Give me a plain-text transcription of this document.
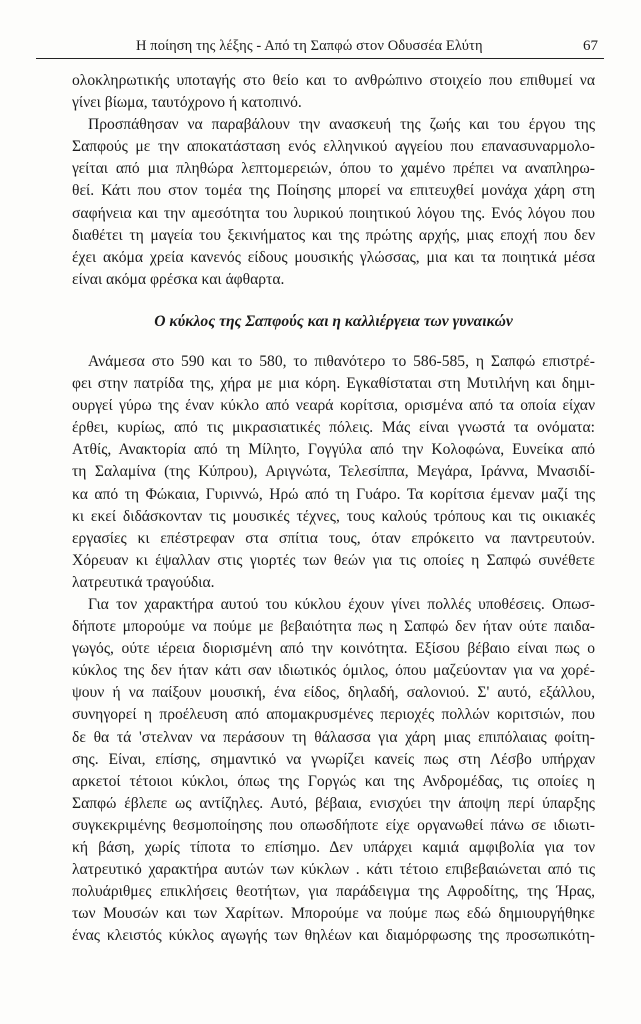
Η ποίηση της λέξης - Από τη Σαπφώ στον Οδυσσέα Ελύτη	67

ολοκληρωτικής υποταγής στο θείο και το ανθρώπινο στοιχείο που επιθυμεί να
γίνει βίωμα, ταυτόχρονο ή κατοπινό.

Προσπάθησαν να παραβάλουν την ανασκευή της ζωής και του έργου της
Σαπφούς με την αποκατάσταση ενός ελληνικού αγγείου που επανασυναρμολο-
γείται από μια πληθώρα λεπτομερειών, όπου το χαμένο πρέπει να αναπληρω-
θεί. Κάτι που στον τομέα της Ποίησης μπορεί να επιτευχθεί μονάχα χάρη στη
σαφήνεια και την αμεσότητα του λυρικού ποιητικού λόγου της. Ενός λόγου που
διαθέτει τη μαγεία του ξεκινήματος και της πρώτης αρχής, μιας εποχή που δεν
έχει ακόμα χρεία κανενός είδους μουσικής γλώσσας, μια και τα ποιητικά μέσα
είναι ακόμα φρέσκα και άφθαρτα.

Ο κύκλος της Σαπφούς και η καλλιέργεια των γυναικών

Ανάμεσα στο 590 και το 580, το πιθανότερο το 586-585, η Σαπφώ επιστρέ-
φει στην πατρίδα της, χήρα με μια κόρη. Εγκαθίσταται στη Μυτιλήνη και δημι-
ουργεί γύρω της έναν κύκλο από νεαρά κορίτσια, ορισμένα από τα οποία είχαν
έρθει, κυρίως, από τις μικρασιατικές πόλεις. Μάς είναι γνωστά τα ονόματα:
Ατθίς, Ανακτορία από τη Μίλητο, Γογγύλα από την Κολοφώνα, Ευνείκα από
τη Σαλαμίνα (της Κύπρου), Αριγνώτα, Τελεσίππα, Μεγάρα, Ιράννα, Μνασιδί-
κα από τη Φώκαια, Γυριννώ, Ηρώ από τη Γυάρο. Τα κορίτσια έμεναν μαζί της
κι εκεί διδάσκονταν τις μουσικές τέχνες, τους καλούς τρόπους και τις οικιακές
εργασίες κι επέστρεφαν στα σπίτια τους, όταν επρόκειτο να παντρευτούν.
Χόρευαν κι έψαλλαν στις γιορτές των θεών για τις οποίες η Σαπφώ συνέθετε
λατρευτικά τραγούδια.

Για τον χαρακτήρα αυτού του κύκλου έχουν γίνει πολλές υποθέσεις. Οπωσ-
δήποτε μπορούμε να πούμε με βεβαιότητα πως η Σαπφώ δεν ήταν ούτε παιδα-
γωγός, ούτε ιέρεια διορισμένη από την κοινότητα. Εξίσου βέβαιο είναι πως ο
κύκλος της δεν ήταν κάτι σαν ιδιωτικός όμιλος, όπου μαζεύονταν για να χορέ-
ψουν ή να παίξουν μουσική, ένα είδος, δηλαδή, σαλονιού. Σ' αυτό, εξάλλου,
συνηγορεί η προέλευση από απομακρυσμένες περιοχές πολλών κοριτσιών, που
δε θα τά 'στελναν να περάσουν τη θάλασσα για χάρη μιας επιπόλαιας φοίτη-
σης. Είναι, επίσης, σημαντικό να γνωρίζει κανείς πως στη Λέσβο υπήρχαν
αρκετοί τέτοιοι κύκλοι, όπως της Γοργώς και της Ανδρομέδας, τις οποίες η
Σαπφώ έβλεπε ως αντίζηλες. Αυτό, βέβαια, ενισχύει την άποψη περί ύπαρξης
συγκεκριμένης θεσμοποίησης που οπωσδήποτε είχε οργανωθεί πάνω σε ιδιωτι-
κή βάση, χωρίς τίποτα το επίσημο. Δεν υπάρχει καμιά αμφιβολία για τον
λατρευτικό χαρακτήρα αυτών των κύκλων . κάτι τέτοιο επιβεβαιώνεται από τις
πολυάριθμες επικλήσεις θεοτήτων, για παράδειγμα της Αφροδίτης, της Ήρας,
των Μουσών και των Χαρίτων. Μπορούμε να πούμε πως εδώ δημιουργήθηκε
ένας κλειστός κύκλος αγωγής των θηλέων και διαμόρφωσης της προσωπικότη-
